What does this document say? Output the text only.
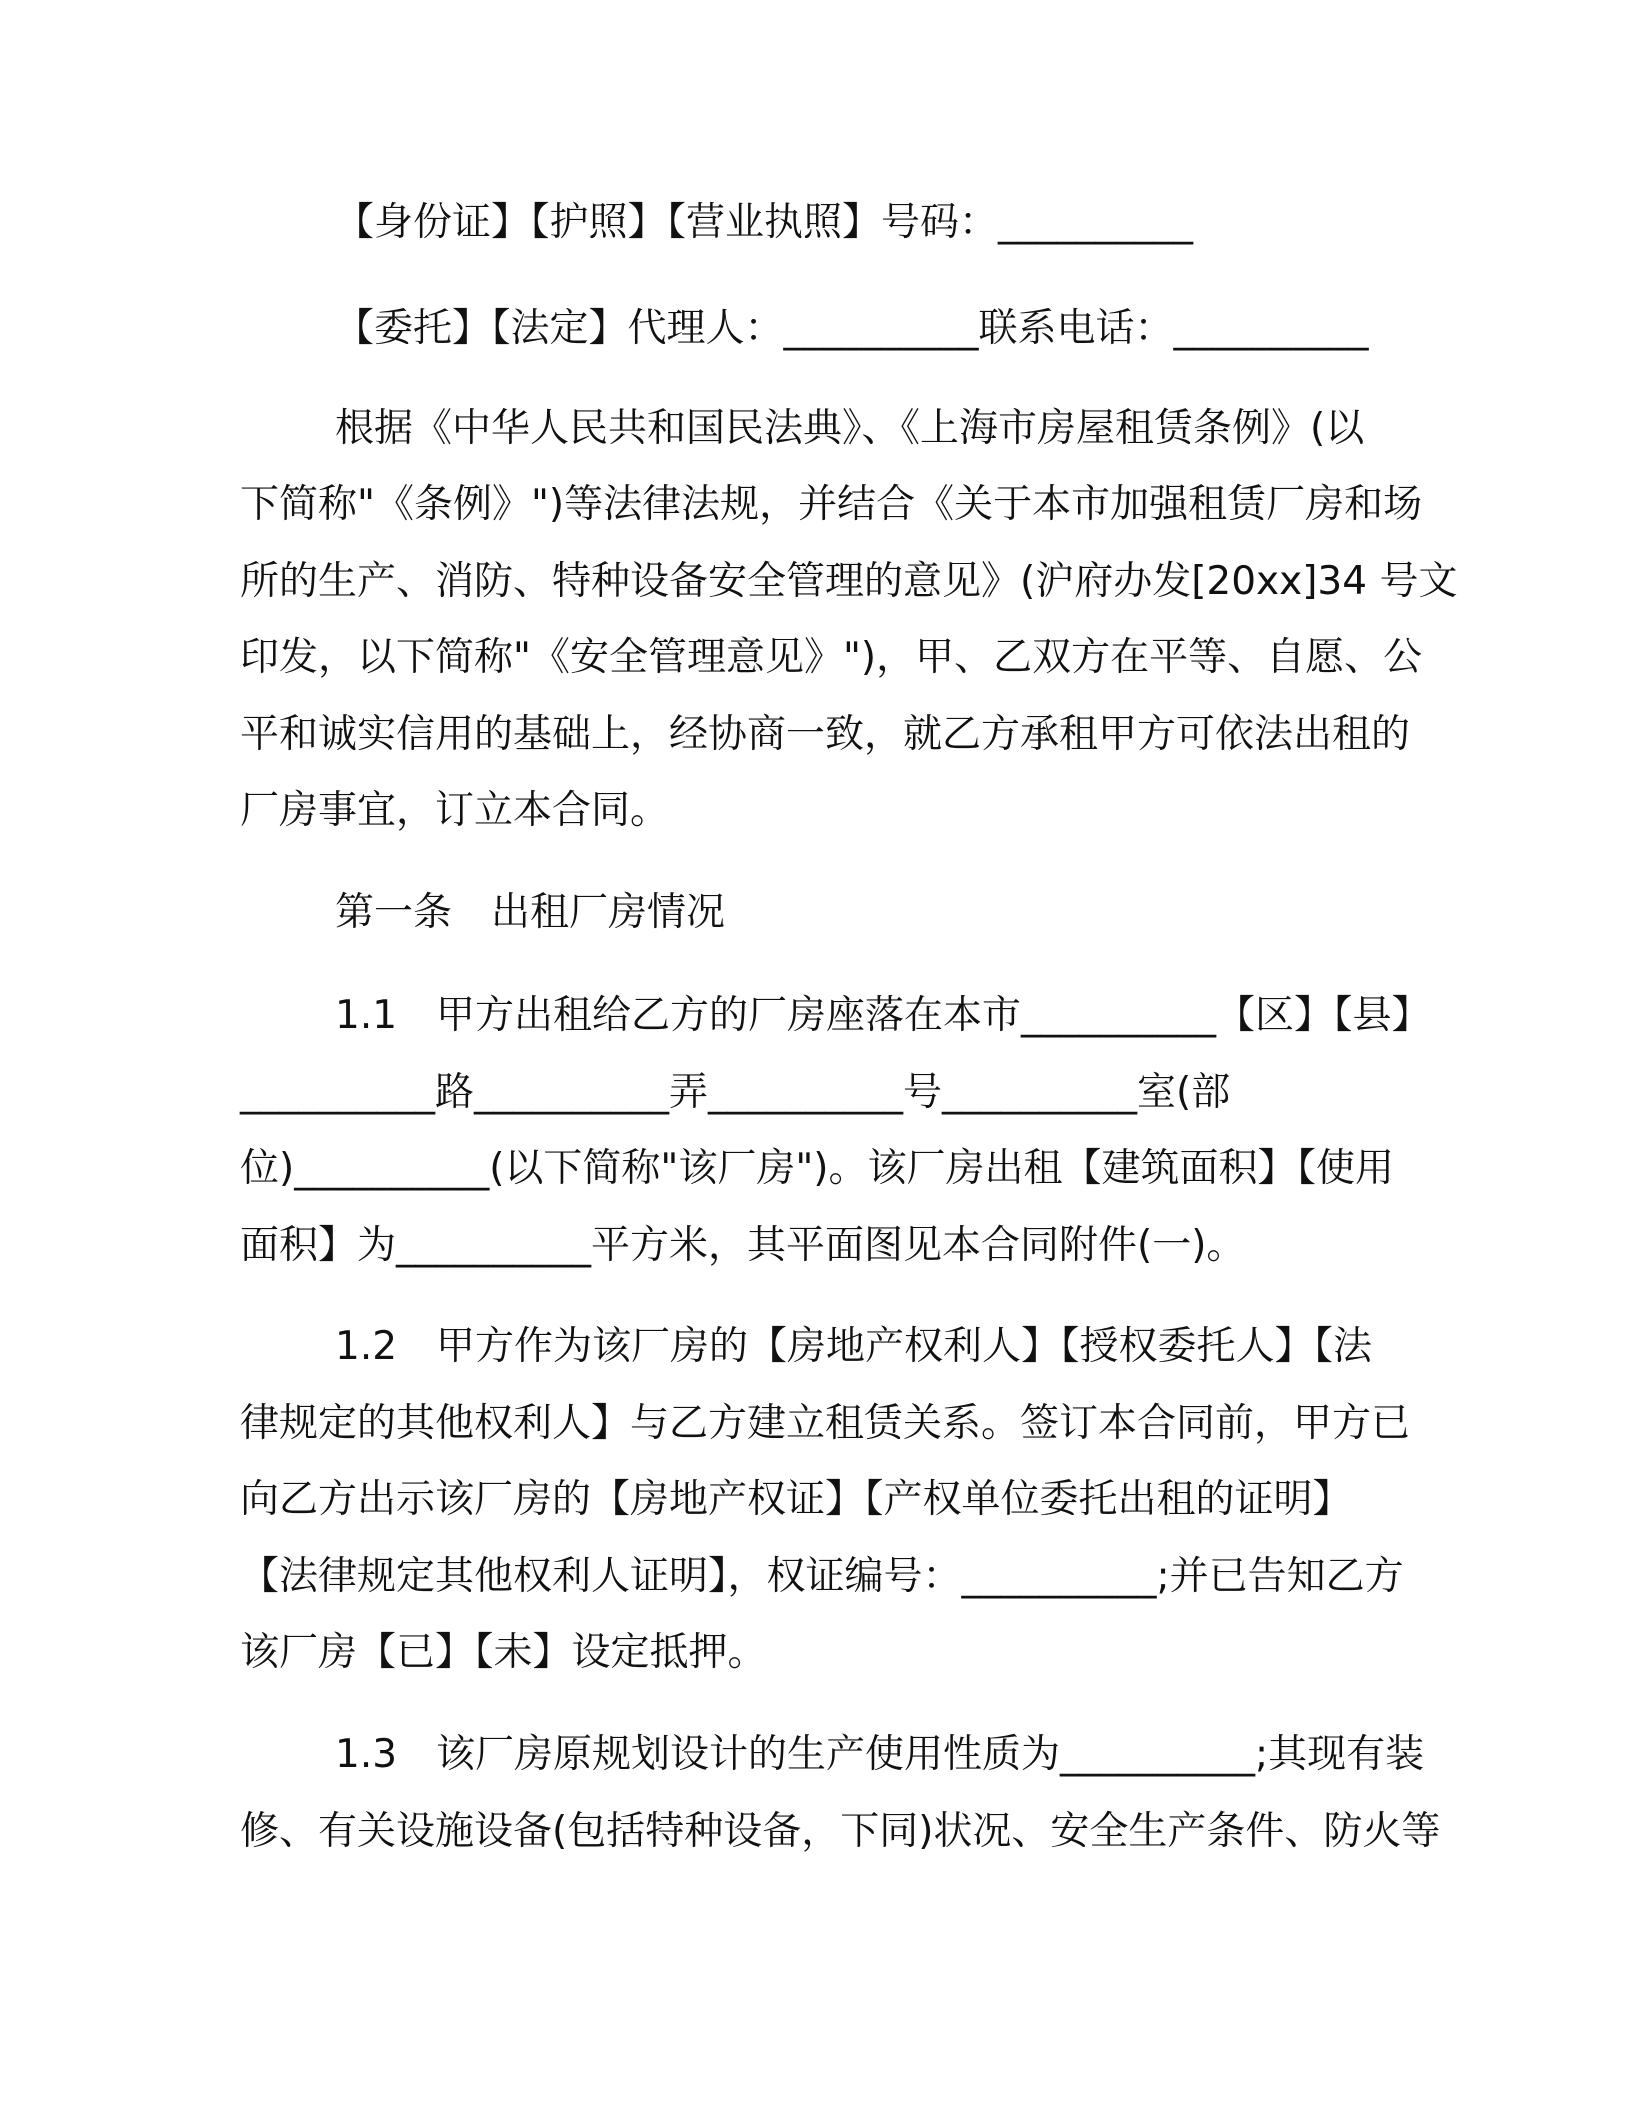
【身份证】【护照】【营业执照】号码：__________
【委托】【法定】代理人：__________联系电话：__________
根据《中华人民共和国民法典》、《上海市房屋租赁条例》(以
下简称"《条例》")等法律法规，并结合《关于本市加强租赁厂房和场
所的生产、消防、特种设备安全管理的意见》(沪府办发[20xx]34 号文
印发，以下简称"《安全管理意见》")，甲、乙双方在平等、自愿、公
平和诚实信用的基础上，经协商一致，就乙方承租甲方可依法出租的
厂房事宜，订立本合同。
第一条　出租厂房情况
1.1　甲方出租给乙方的厂房座落在本市__________【区】【县】
__________路__________弄__________号__________室(部
位)__________(以下简称"该厂房")。该厂房出租【建筑面积】【使用
面积】为__________平方米，其平面图见本合同附件(一)。
1.2　甲方作为该厂房的【房地产权利人】【授权委托人】【法
律规定的其他权利人】与乙方建立租赁关系。签订本合同前，甲方已
向乙方出示该厂房的【房地产权证】【产权单位委托出租的证明】
【法律规定其他权利人证明】，权证编号：__________;并已告知乙方
该厂房【已】【未】设定抵押。
1.3　该厂房原规划设计的生产使用性质为__________;其现有装
修、有关设施设备(包括特种设备，下同)状况、安全生产条件、防火等
